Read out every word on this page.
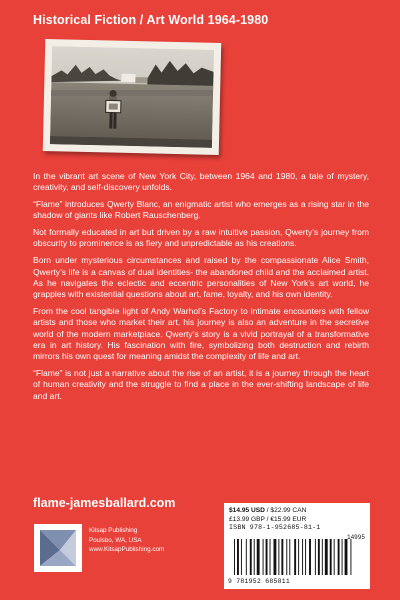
Historical Fiction / Art World 1964-1980

In the vibrant art scene of New York City, between 1964 and 1980, a tale of mystery, creativity, and self-discovery unfolds.

“Flame” introduces Qwerty Blanc, an enigmatic artist who emerges as a rising star in the shadow of giants like Robert Rauschenberg.

Not formally educated in art but driven by a raw intuitive passion, Qwerty’s journey from obscurity to prominence is as fiery and unpredictable as his creations.

Born under mysterious circumstances and raised by the compassionate Alice Smith, Qwerty’s life is a canvas of dual identities- the abandoned child and the acclaimed artist. As he navigates the eclectic and eccentric personalities of New York’s art world, he grapples with existential questions about art, fame, loyalty, and his own identity.

From the cool tangible light of Andy Warhol’s Factory to intimate encounters with fellow artists and those who market their art, his journey is also an adventure in the secretive world of the modern marketplace. Qwerty’s story is a vivid portrayal of a transformative era in art history. His fascination with fire, symbolizing both destruction and rebirth mirrors his own quest for meaning amidst the complexity of life and art.

“Flame” is not just a narrative about the rise of an artist, it is a journey through the heart of human creativity and the struggle to find a place in the ever-shifting landscape of life and art.

flame-jamesballard.com
Kitsap Publishing
Poulsbo, WA, USA
www.KitsapPublishing.com
$14.95 USD / $22.99 CAN
£13.99 GBP / €15.99 EUR
ISBN 978-1-952685-81-1
14995
9 781952 685811
